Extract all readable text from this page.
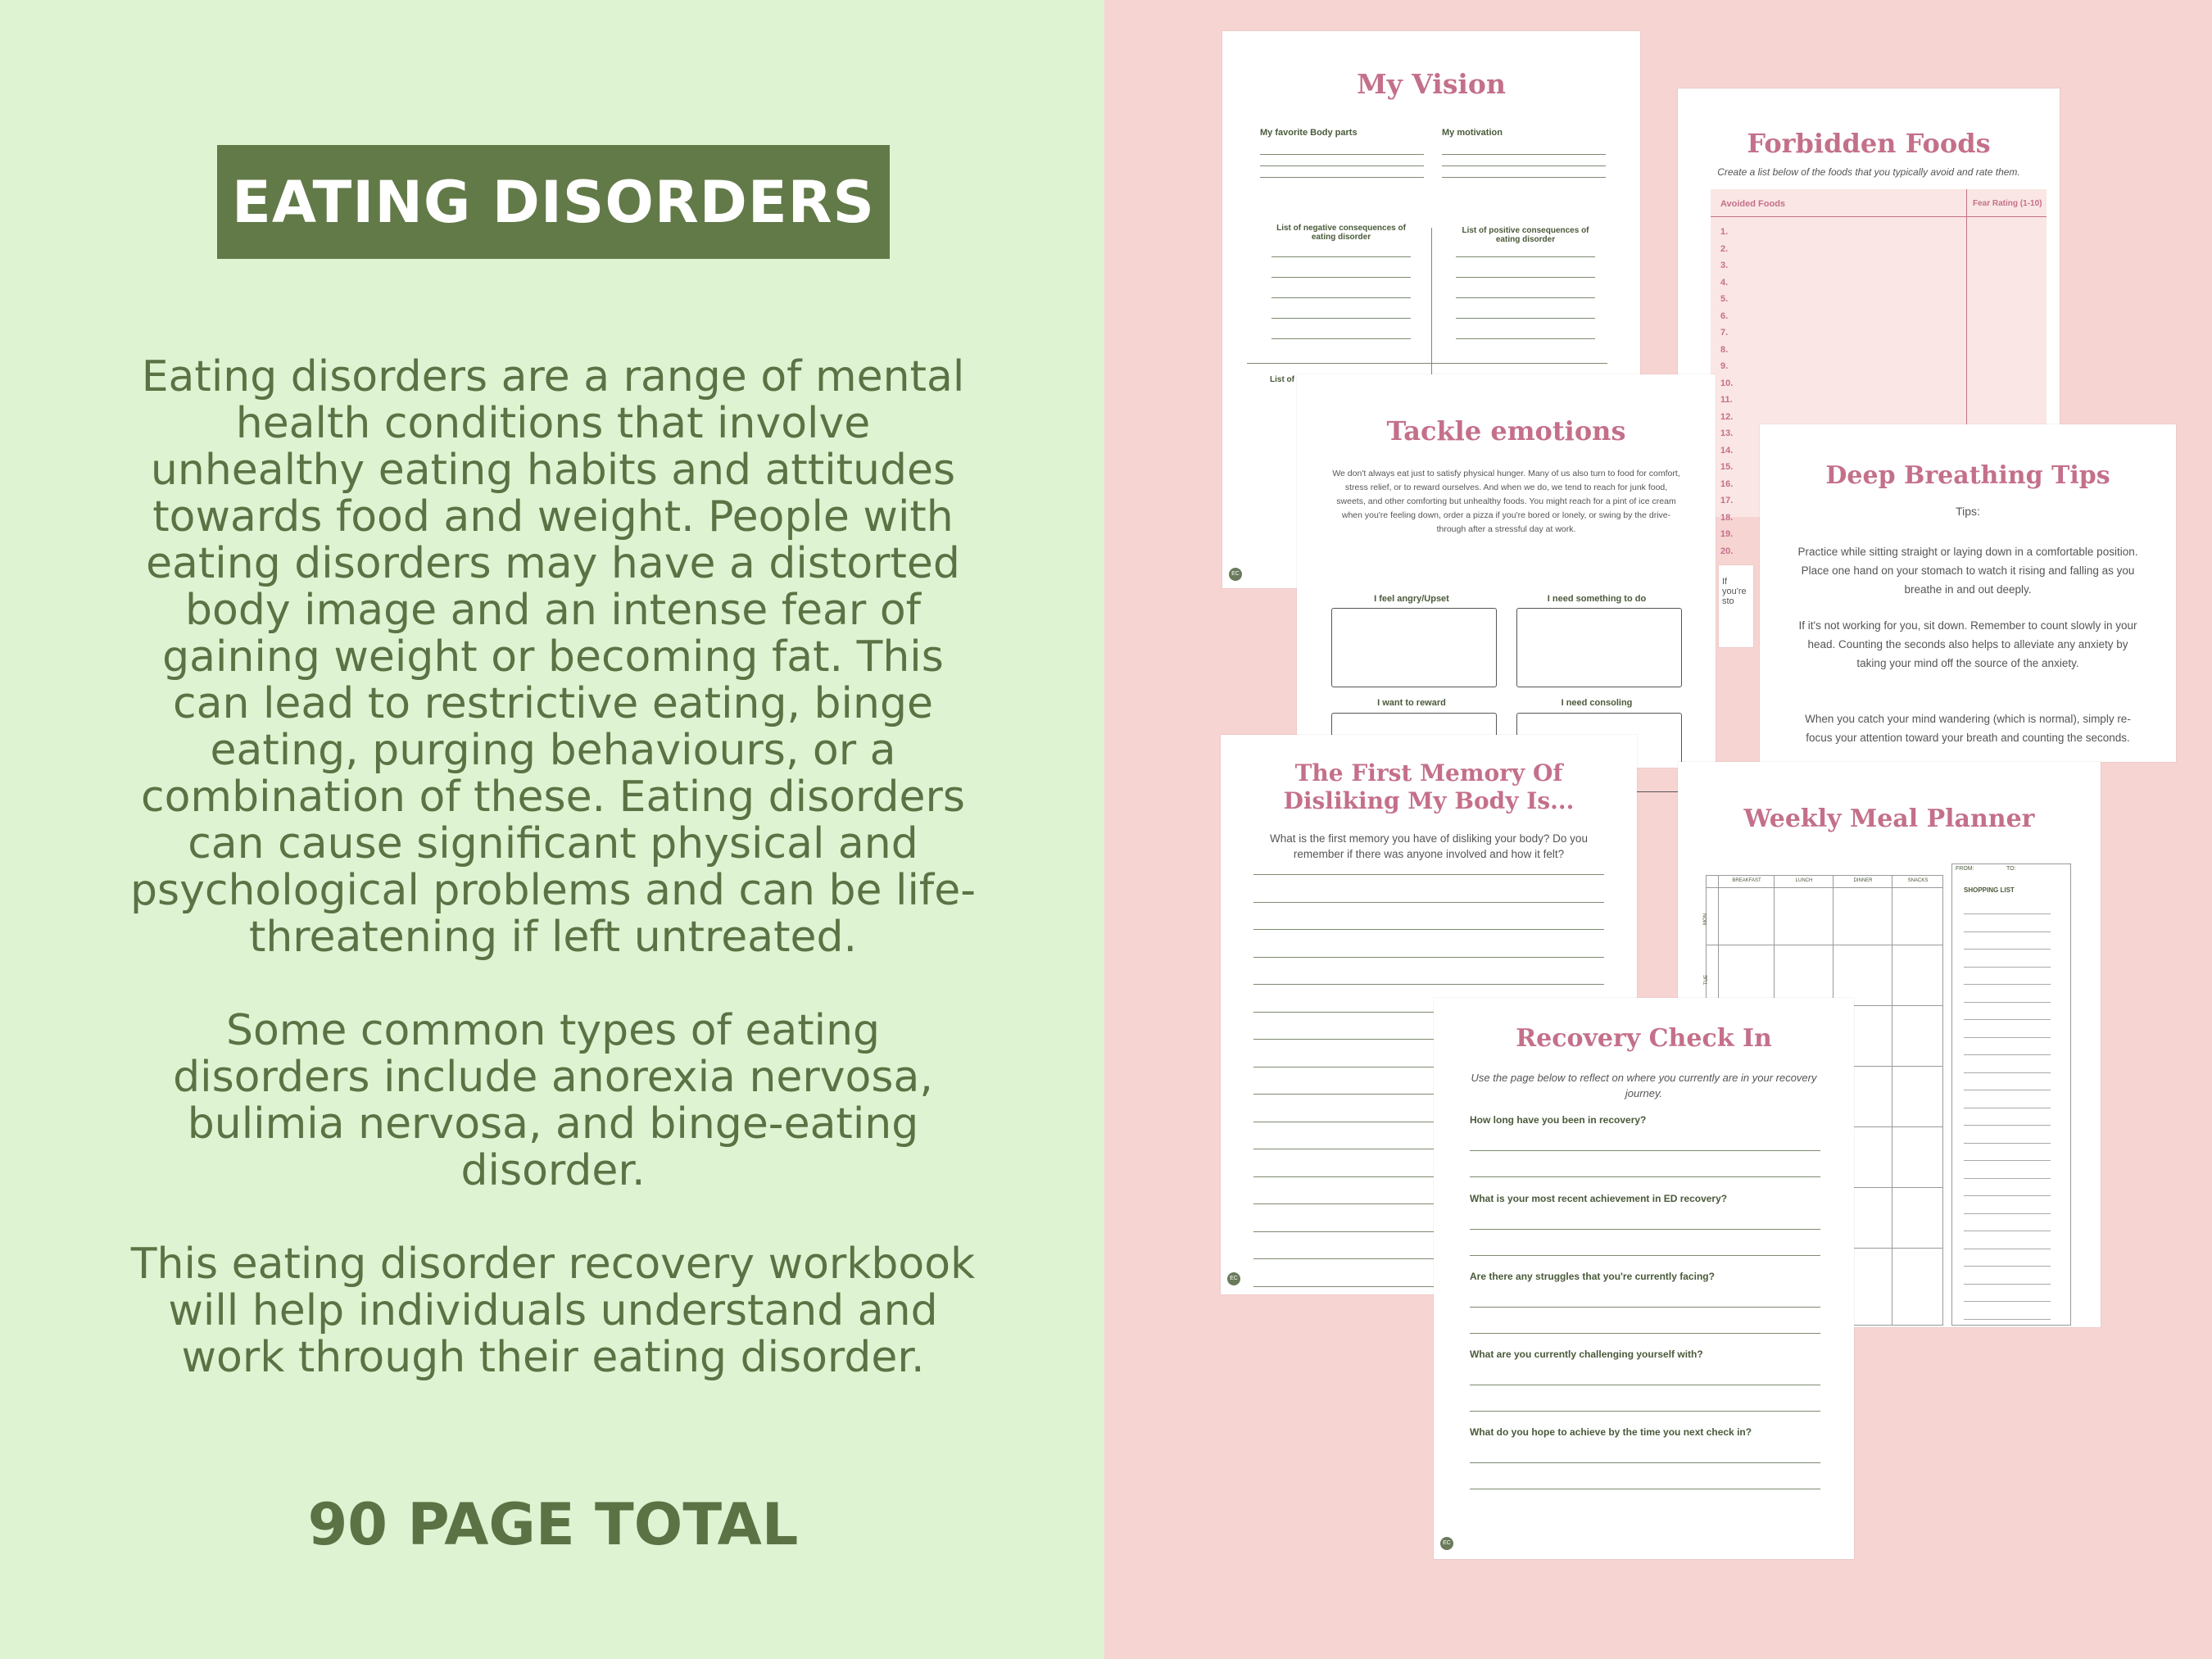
EATING DISORDERS

Eating disorders are a range of mental health conditions that involve unhealthy eating habits and attitudes towards food and weight. People with eating disorders may have a distorted body image and an intense fear of gaining weight or becoming fat. This can lead to restrictive eating, binge eating, purging behaviours, or a combination of these. Eating disorders can cause significant physical and psychological problems and can be life-threatening if left untreated.

Some common types of eating disorders include anorexia nervosa, bulimia nervosa, and binge-eating disorder.

This eating disorder recovery workbook will help individuals understand and work through their eating disorder.

90 PAGE TOTAL
My Vision
My favorite Body parts	My motivation
List of negative consequences of eating disorder
List of positive consequences of eating disorder
List of
EC
Forbidden Foods
Create a list below of the foods that you typically avoid and rate them.
Avoided Foods	Fear Rating (1-10)
1.
2.
3.
4.
5.
6.
7.
8.
9.
10.
11.
12.
13.
14.
15.
16.
17.
18.
19.
20.
Tackle emotions
We don't always eat just to satisfy physical hunger. Many of us also turn to food for comfort, stress relief, or to reward ourselves. And when we do, we tend to reach for junk food, sweets, and other comforting but unhealthy foods. You might reach for a pint of ice cream when you're feeling down, order a pizza if you're bored or lonely, or swing by the drive-through after a stressful day at work.
I feel angry/Upset	I need something to do
I want to reward	I need consoling
If you're sto
Deep Breathing Tips
Tips:
Practice while sitting straight or laying down in a comfortable position. Place one hand on your stomach to watch it rising and falling as you breathe in and out deeply.
If it's not working for you, sit down. Remember to count slowly in your head. Counting the seconds also helps to alleviate any anxiety by taking your mind off the source of the anxiety.
When you catch your mind wandering (which is normal), simply re-focus your attention toward your breath and counting the seconds.
The First Memory Of Disliking My Body Is...
What is the first memory you have of disliking your body? Do you remember if there was anyone involved and how it felt?
EC
Weekly Meal Planner
BREAKFAST	LUNCH	DINNER	SNACKS
MON
TUE
FROM:	TO:
SHOPPING LIST
Recovery Check In
Use the page below to reflect on where you currently are in your recovery journey.
How long have you been in recovery?
What is your most recent achievement in ED recovery?
Are there any struggles that you're currently facing?
What are you currently challenging yourself with?
What do you hope to achieve by the time you next check in?
EC
